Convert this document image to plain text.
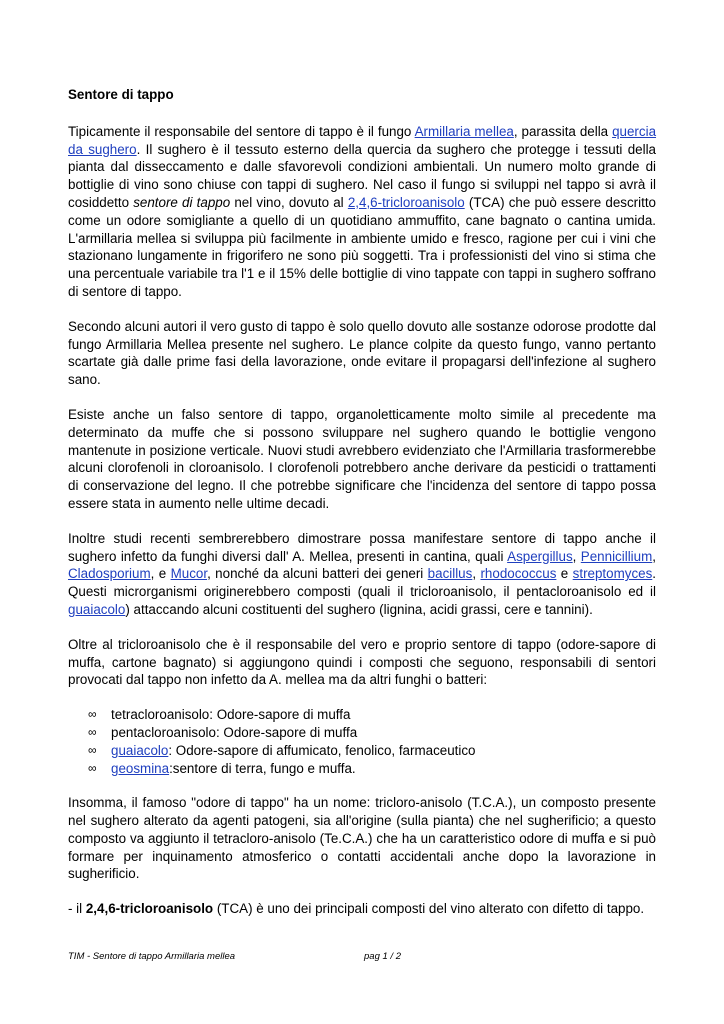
Sentore di tappo

Tipicamente il responsabile del sentore di tappo è il fungo Armillaria mellea, parassita della quercia da sughero. Il sughero è il tessuto esterno della quercia da sughero che protegge i tessuti della pianta dal disseccamento e dalle sfavorevoli condizioni ambientali. Un numero molto grande di bottiglie di vino sono chiuse con tappi di sughero. Nel caso il fungo si sviluppi nel tappo si avrà il cosiddetto sentore di tappo nel vino, dovuto al 2,4,6-tricloroanisolo (TCA) che può essere descritto come un odore somigliante a quello di un quotidiano ammuffito, cane bagnato o cantina umida. L'armillaria mellea si sviluppa più facilmente in ambiente umido e fresco, ragione per cui i vini che stazionano lungamente in frigorifero ne sono più soggetti. Tra i professionisti del vino si stima che una percentuale variabile tra l'1 e il 15% delle bottiglie di vino tappate con tappi in sughero soffrano di sentore di tappo.

Secondo alcuni autori il vero gusto di tappo è solo quello dovuto alle sostanze odorose prodotte dal fungo Armillaria Mellea presente nel sughero. Le plance colpite da questo fungo, vanno pertanto scartate già dalle prime fasi della lavorazione, onde evitare il propagarsi dell'infezione al sughero sano.

Esiste anche un falso sentore di tappo, organoletticamente molto simile al precedente ma determinato da muffe che si possono sviluppare nel sughero quando le bottiglie vengono mantenute in posizione verticale. Nuovi studi avrebbero evidenziato che l'Armillaria trasformerebbe alcuni clorofenoli in cloroanisolo. I clorofenoli potrebbero anche derivare da pesticidi o trattamenti di conservazione del legno. Il che potrebbe significare che l'incidenza del sentore di tappo possa essere stata in aumento nelle ultime decadi.

Inoltre studi recenti sembrerebbero dimostrare possa manifestare sentore di tappo anche il sughero infetto da funghi diversi dall' A. Mellea, presenti in cantina, quali Aspergillus, Pennicillium, Cladosporium, e Mucor, nonché da alcuni batteri dei generi bacillus, rhodococcus e streptomyces. Questi microrganismi originerebbero composti (quali il tricloroanisolo, il pentacloroanisolo ed il guaiacolo) attaccando alcuni costituenti del sughero (lignina, acidi grassi, cere e tannini).

Oltre al tricloroanisolo che è il responsabile del vero e proprio sentore di tappo (odore-sapore di muffa, cartone bagnato) si aggiungono quindi i composti che seguono, responsabili di sentori provocati dal tappo non infetto da A. mellea ma da altri funghi o batteri:

∞ tetracloroanisolo: Odore-sapore di muffa
∞ pentacloroanisolo: Odore-sapore di muffa
∞ guaiacolo: Odore-sapore di affumicato, fenolico, farmaceutico
∞ geosmina:sentore di terra, fungo e muffa.

Insomma, il famoso "odore di tappo" ha un nome: tricloro-anisolo (T.C.A.), un composto presente nel sughero alterato da agenti patogeni, sia all'origine (sulla pianta) che nel sugherificio; a questo composto va aggiunto il tetracloro-anisolo (Te.C.A.) che ha un caratteristico odore di muffa e si può formare per inquinamento atmosferico o contatti accidentali anche dopo la lavorazione in sugherificio.

- il 2,4,6-tricloroanisolo (TCA) è uno dei principali composti del vino alterato con difetto di tappo.

TIM - Sentore di tappo Armillaria mellea	pag 1 / 2
